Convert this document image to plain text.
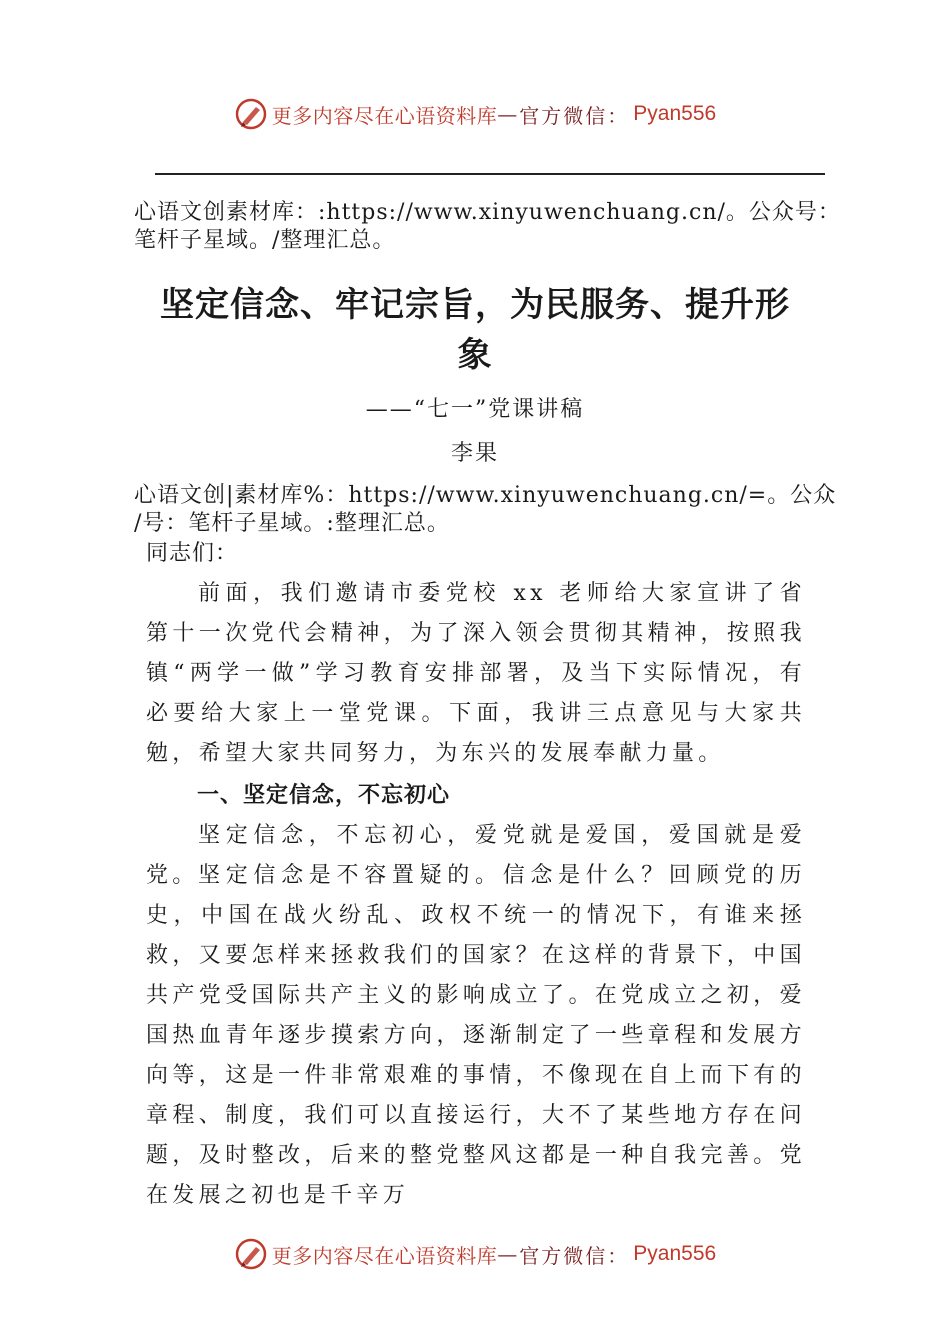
更多内容尽在心语资料库 — 官方微信： Pyan556
心语文创素材库：:https://www.xinyuwenchuang.cn/。公众号：
笔杆子星域。/整理汇总。
坚定信念、牢记宗旨，为民服务、提升形
象
——“七一”党课讲稿
李果
心语文创|素材库%：https://www.xinyuwenchuang.cn/=。公众
/号：笔杆子星域。:整理汇总。
同志们：
前面，我们邀请市委党校 xx 老师给大家宣讲了省第十一次党代会精神，为了深入领会贯彻其精神，按照我镇“两学一做”学习教育安排部署，及当下实际情况，有必要给大家上一堂党课。下面，我讲三点意见与大家共勉，希望大家共同努力，为东兴的发展奉献力量。
一、坚定信念，不忘初心
坚定信念，不忘初心，爱党就是爱国，爱国就是爱党。 坚定信念是不容置疑的。信念是什么？回顾党的历史，中国在战火纷乱、政权不统一的情况下，有谁来拯救，又要怎样来拯救我们的国家？在这样的背景下，中国共产党受国际共产主义的影响成立了。在党成立之初，爱国热血青年逐步摸索方向，逐渐制定了一些章程和发展方向等，这是一件非常艰难的事情，不像现在自上而下有的章程、制度，我们可以直接运行，大不了某些地方存在问题，及时整改，后来的整党整风这都是一种自我完善。党在发展之初也是千辛万
更多内容尽在心语资料库 — 官方微信： Pyan556
